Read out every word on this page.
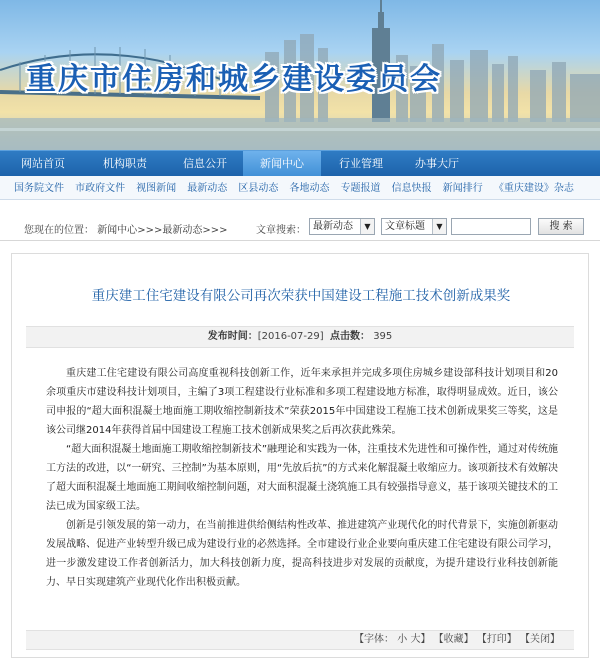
重庆市住房和城乡建设委员会
网站首页	机构职责	信息公开	新闻中心	行业管理	办事大厅
国务院文件 市政府文件 视图新闻 最新动态 区县动态 各地动态 专题报道 信息快报 新闻排行 《重庆建设》杂志
您现在的位置： 新闻中心>>>最新动态>>>	文章搜索： 最新动态	▼	文章标题	▼	搜 索
重庆建工住宅建设有限公司再次荣获中国建设工程施工技术创新成果奖
发布时间：[2016-07-29] 点击数： 395

重庆建工住宅建设有限公司高度重视科技创新工作，近年来承担并完成多项住房城乡建设部科技计划项目和20余项重庆市建设科技计划项目，主编了3项工程建设行业标准和多项工程建设地方标准，取得明显成效。近日，该公司申报的“超大面积混凝土地面施工期收缩控制新技术”荣获2015年中国建设工程施工技术创新成果奖三等奖，这是该公司继2014年获得首届中国建设工程施工技术创新成果奖之后再次获此殊荣。

“超大面积混凝土地面施工期收缩控制新技术”融理论和实践为一体，注重技术先进性和可操作性，通过对传统施工方法的改进，以“一研究、三控制”为基本原则，用“先放后抗”的方式来化解混凝土收缩应力。该项新技术有效解决了超大面积混凝土地面施工期间收缩控制问题，对大面积混凝土浇筑施工具有较强指导意义，基于该项关键技术的工法已成为国家级工法。

创新是引领发展的第一动力，在当前推进供给侧结构性改革、推进建筑产业现代化的时代背景下，实施创新驱动发展战略、促进产业转型升级已成为建设行业的必然选择。全市建设行业企业要向重庆建工住宅建设有限公司学习，进一步激发建设工作者创新活力，加大科技创新力度，提高科技进步对发展的贡献度，为提升建设行业科技创新能力、早日实现建筑产业现代化作出积极贡献。

【字体： 小 大】 【收藏】 【打印】 【关闭】
